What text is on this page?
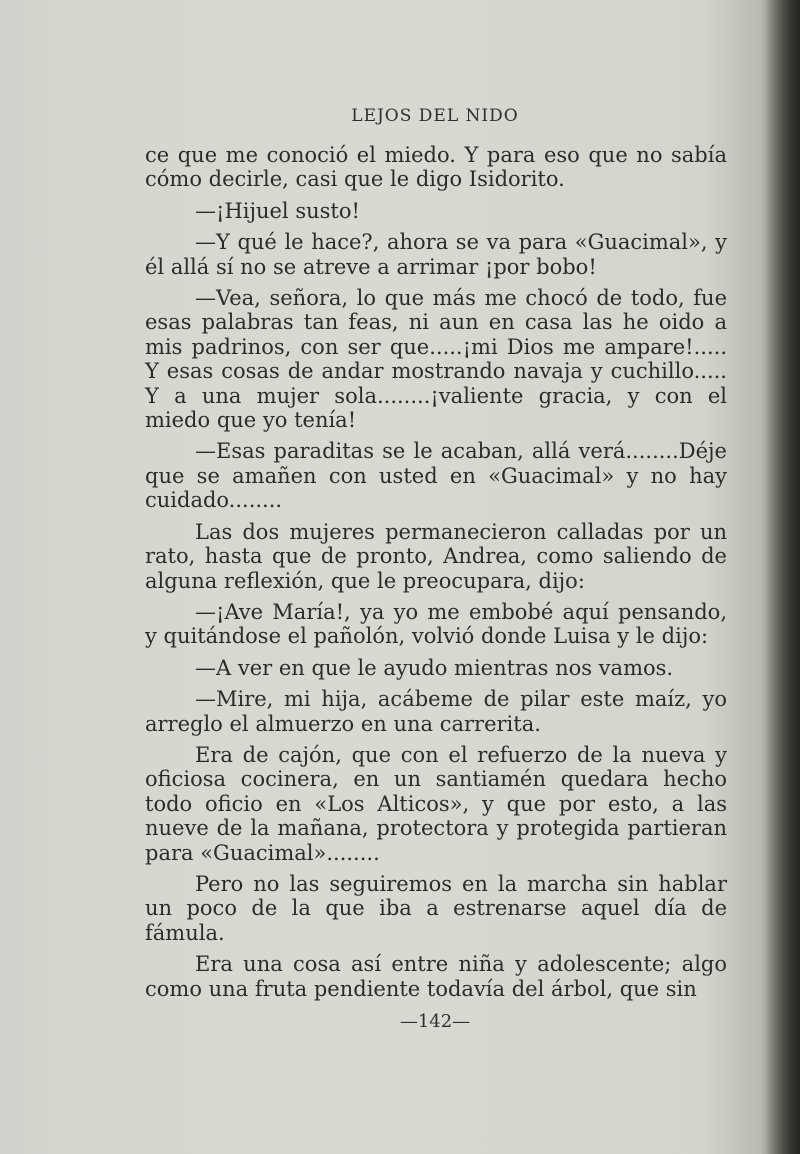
LEJOS DEL NIDO

ce que me conoció el miedo. Y para eso que no sabía cómo decirle, casi que le digo Isidorito.

—¡Hijuel susto!

—Y qué le hace?, ahora se va para «Guacimal», y él allá sí no se atreve a arrimar ¡por bobo!

—Vea, señora, lo que más me chocó de todo, fue esas palabras tan feas, ni aun en casa las he oido a mis padrinos, con ser que.....¡mi Dios me ampare!..... Y esas cosas de andar mostrando navaja y cuchillo..... Y a una mujer sola........¡valiente gracia, y con el miedo que yo tenía!

—Esas paraditas se le acaban, allá verá........Déje que se amañen con usted en «Guacimal» y no hay cuidado........

Las dos mujeres permanecieron calladas por un rato, hasta que de pronto, Andrea, como saliendo de alguna reflexión, que le preocupara, dijo:

—¡Ave María!, ya yo me embobé aquí pensando, y quitándose el pañolón, volvió donde Luisa y le dijo:

—A ver en que le ayudo mientras nos vamos.

—Mire, mi hija, acábeme de pilar este maíz, yo arreglo el almuerzo en una carrerita.

Era de cajón, que con el refuerzo de la nueva y oficiosa cocinera, en un santiamén quedara hecho todo oficio en «Los Alticos», y que por esto, a las nueve de la mañana, protectora y protegida partieran para «Guacimal»........

Pero no las seguiremos en la marcha sin hablar un poco de la que iba a estrenarse aquel día de fámula.

Era una cosa así entre niña y adolescente; algo como una fruta pendiente todavía del árbol, que sin

—142—
